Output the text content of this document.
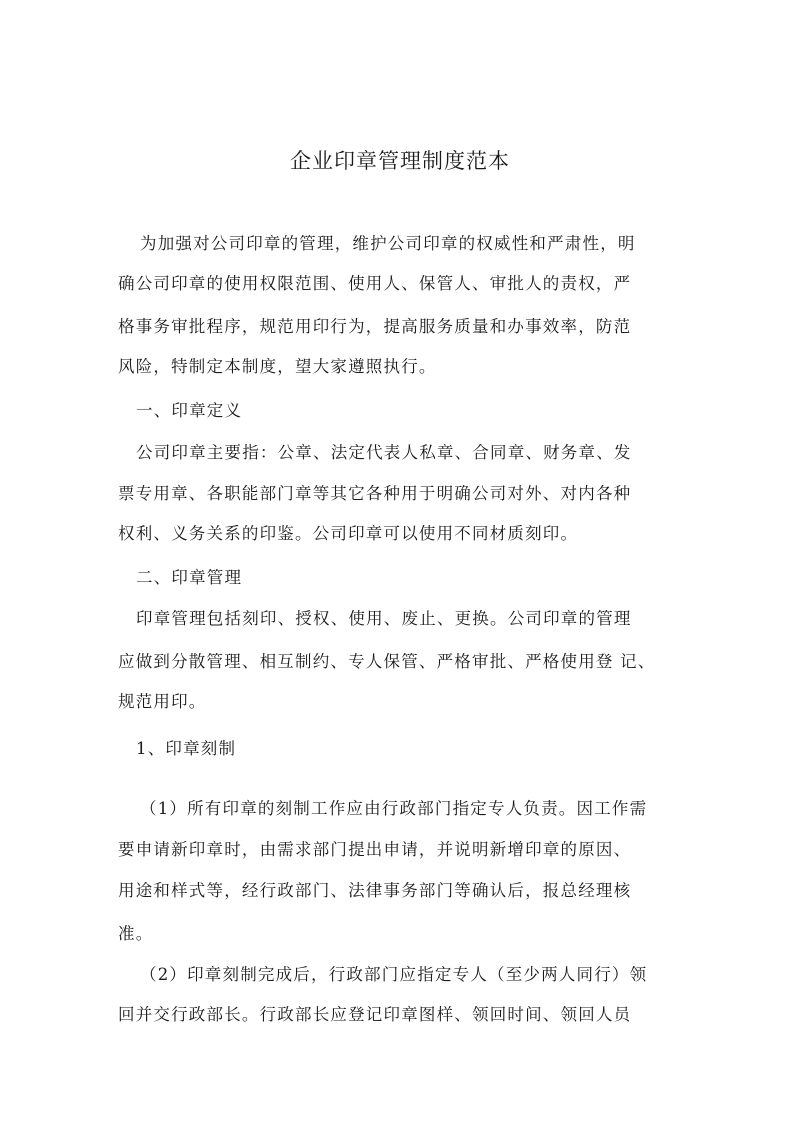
企业印章管理制度范本
为加强对公司印章的管理，维护公司印章的权威性和严肃性，明
确公司印章的使用权限范围、使用人、保管人、审批人的责权，严
格事务审批程序，规范用印行为，提高服务质量和办事效率，防范
风险，特制定本制度，望大家遵照执行。
一、印章定义
公司印章主要指：公章、法定代表人私章、合同章、财务章、发
票专用章、各职能部门章等其它各种用于明确公司对外、对内各种
权利、义务关系的印鉴。公司印章可以使用不同材质刻印。
二、印章管理
印章管理包括刻印、授权、使用、废止、更换。公司印章的管理
应做到分散管理、相互制约、专人保管、严格审批、严格使用登 记、
规范用印。
1、印章刻制
（1）所有印章的刻制工作应由行政部门指定专人负责。因工作需
要申请新印章时，由需求部门提出申请，并说明新增印章的原因、
用途和样式等，经行政部门、法律事务部门等确认后，报总经理核
准。
（2）印章刻制完成后，行政部门应指定专人（至少两人同行）领
回并交行政部长。行政部长应登记印章图样、领回时间、领回人员
